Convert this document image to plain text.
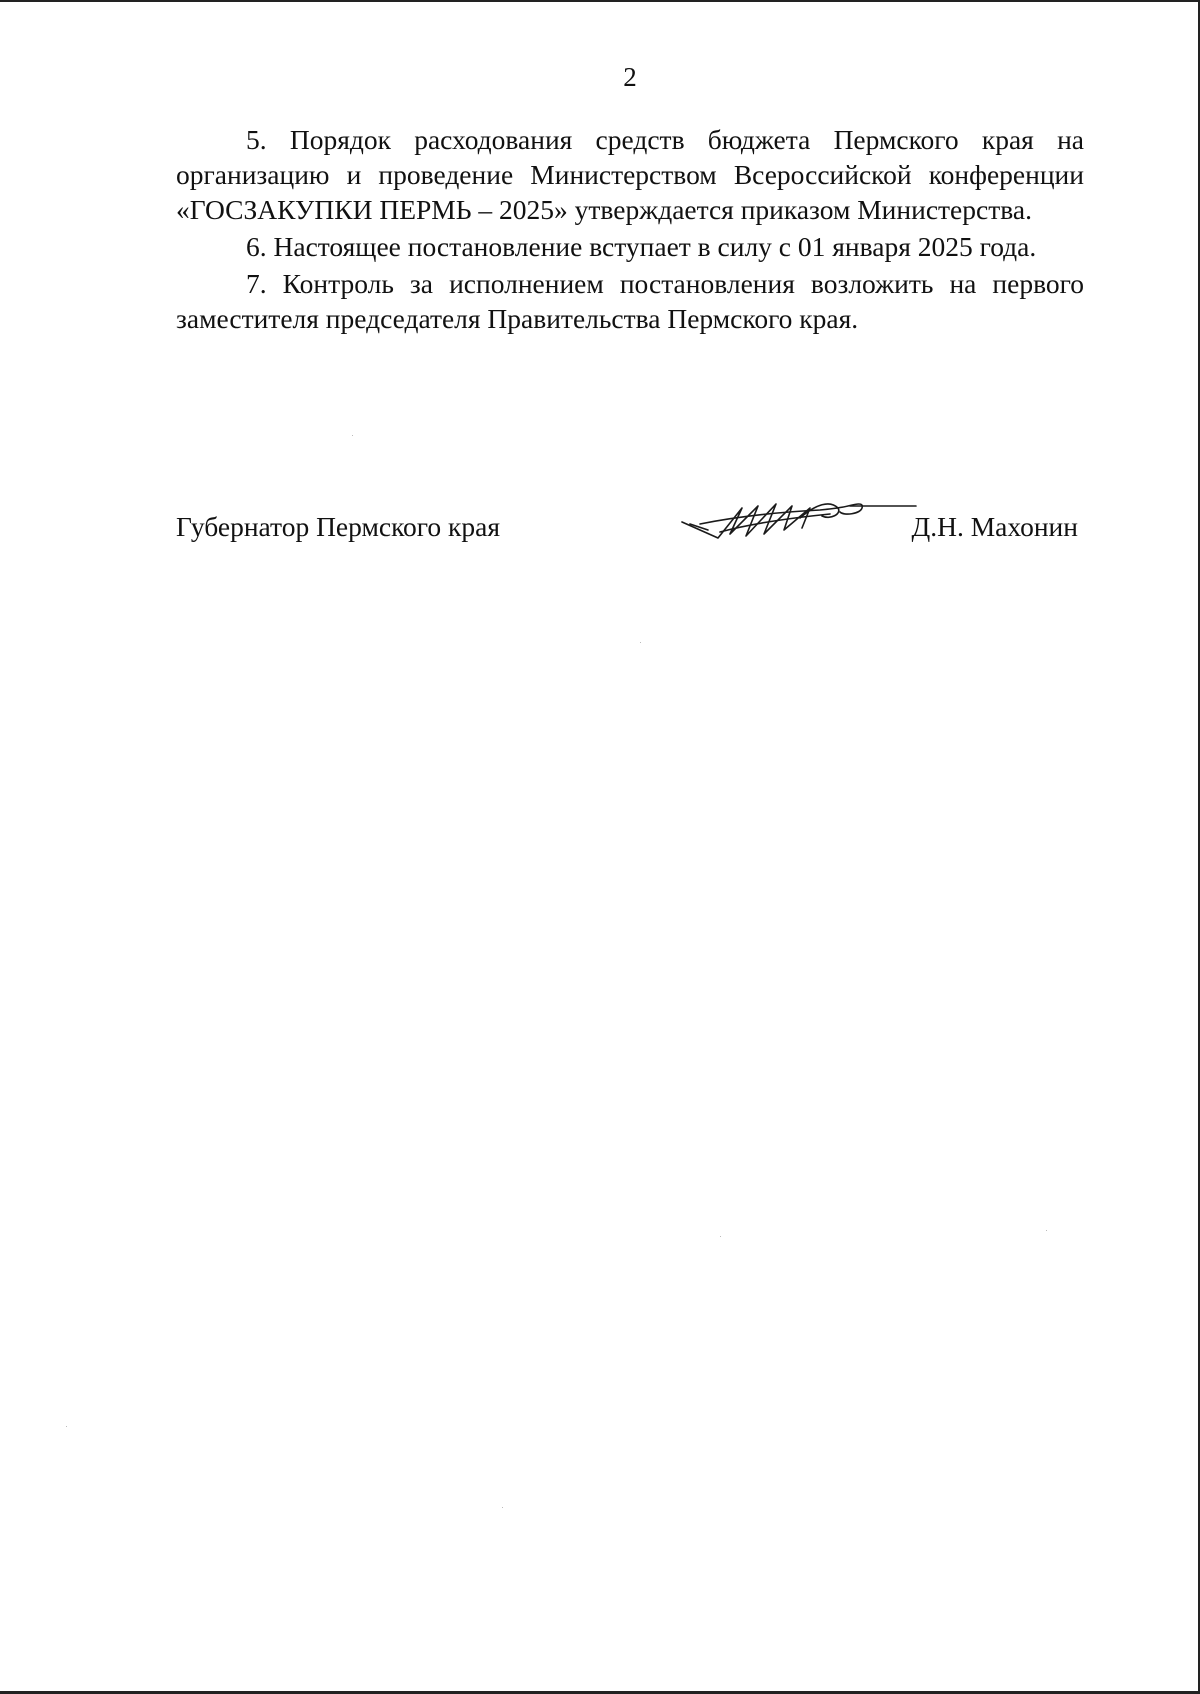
2

5. Порядок расходования средств бюджета Пермского края на организацию и проведение Министерством Всероссийской конференции «ГОСЗАКУПКИ ПЕРМЬ – 2025» утверждается приказом Министерства.

6. Настоящее постановление вступает в силу с 01 января 2025 года.

7. Контроль за исполнением постановления возложить на первого заместителя председателя Правительства Пермского края.

Губернатор Пермского края	Д.Н. Махонин
